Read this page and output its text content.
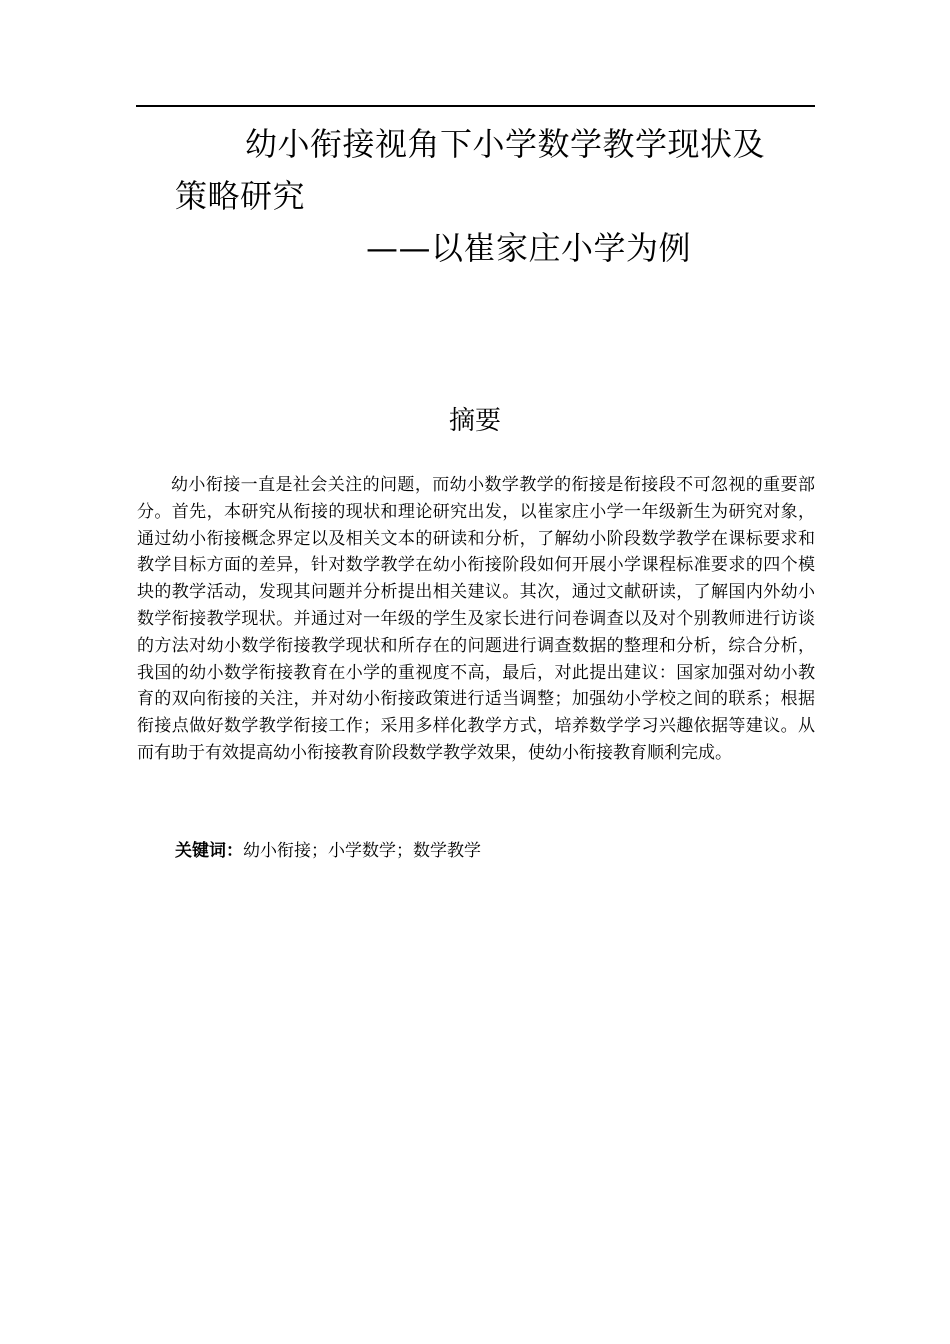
幼小衔接视角下小学数学教学现状及
策略研究
——以崔家庄小学为例
摘要

幼小衔接一直是社会关注的问题，而幼小数学教学的衔接是衔接段不可忽视的重要部分。首先，本研究从衔接的现状和理论研究出发，以崔家庄小学一年级新生为研究对象，通过幼小衔接概念界定以及相关文本的研读和分析，了解幼小阶段数学教学在课标要求和教学目标方面的差异，针对数学教学在幼小衔接阶段如何开展小学课程标准要求的四个模块的教学活动，发现其问题并分析提出相关建议。其次，通过文献研读，了解国内外幼小数学衔接教学现状。并通过对一年级的学生及家长进行问卷调查以及对个别教师进行访谈的方法对幼小数学衔接教学现状和所存在的问题进行调查数据的整理和分析，综合分析，我国的幼小数学衔接教育在小学的重视度不高，最后，对此提出建议：国家加强对幼小教育的双向衔接的关注，并对幼小衔接政策进行适当调整；加强幼小学校之间的联系；根据衔接点做好数学教学衔接工作；采用多样化教学方式，培养数学学习兴趣依据等建议。从而有助于有效提高幼小衔接教育阶段数学教学效果，使幼小衔接教育顺利完成。

关键词：幼小衔接；小学数学；数学教学
